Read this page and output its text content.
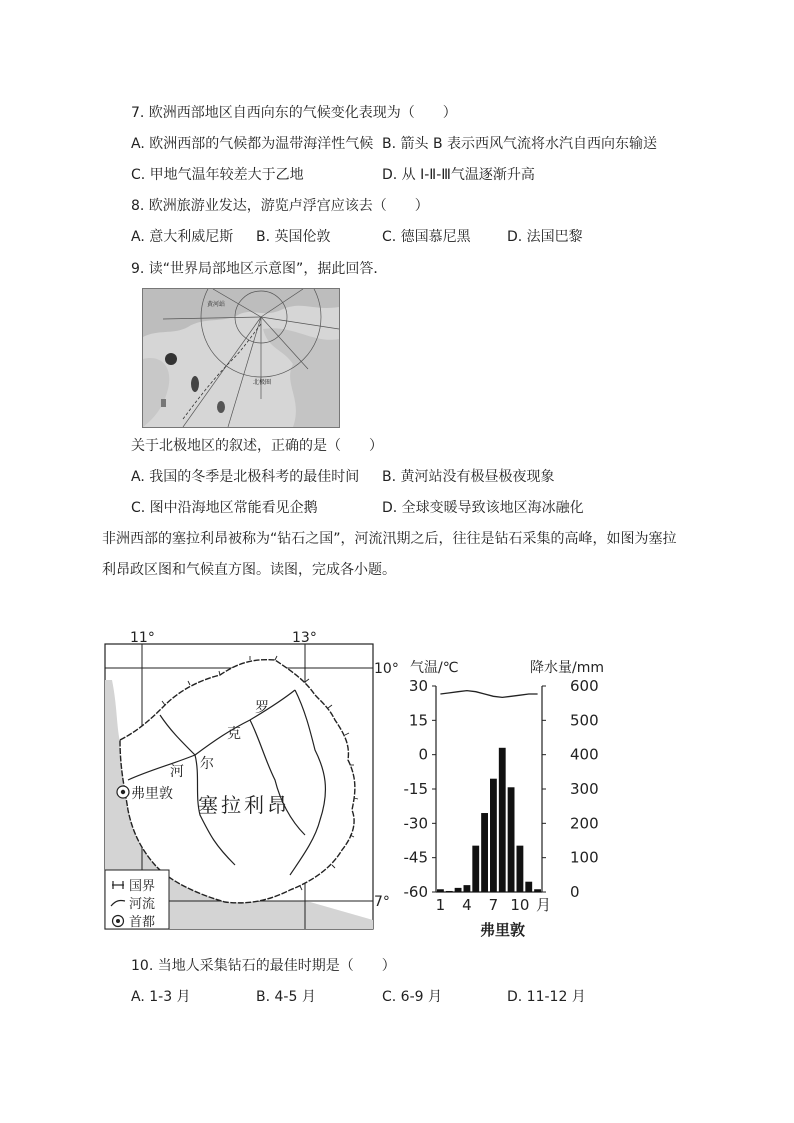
7. 欧洲西部地区自西向东的气候变化表现为（　　）
A. 欧洲西部的气候都为温带海洋性气候 B. 箭头 B 表示西风气流将水汽自西向东输送
C. 甲地气温年较差大于乙地	D. 从 Ⅰ-Ⅱ-Ⅲ气温逐渐升高
8. 欧洲旅游业发达，游览卢浮宫应该去（　　）
A. 意大利威尼斯 B. 英国伦敦	C. 德国慕尼黑	D. 法国巴黎
9. 读“世界局部地区示意图”，据此回答．
黄河站
北极圈
关于北极地区的叙述，正确的是（　　）
A. 我国的冬季是北极科考的最佳时间 B. 黄河站没有极昼极夜现象
C. 图中沿海地区常能看见企鹅	D. 全球变暖导致该地区海冰融化
非洲西部的塞拉利昂被称为“钻石之国”，河流汛期之后，往往是钻石采集的高峰，如图为塞拉
利昂政区图和气候直方图。读图，完成各小题。
11°	13°
10°
7°
罗
克
尔
河
塞拉利昂
弗里敦
国界
河流
首都
气温/℃	降水量/mm
30	600
15	500
0	400
-15	300
-30	200
-45	100
-60	0
1 4 7 10 月
弗里敦
10. 当地人采集钻石的最佳时期是（　　）
A. 1-3 月	B. 4-5 月	C. 6-9 月	D. 11-12 月
